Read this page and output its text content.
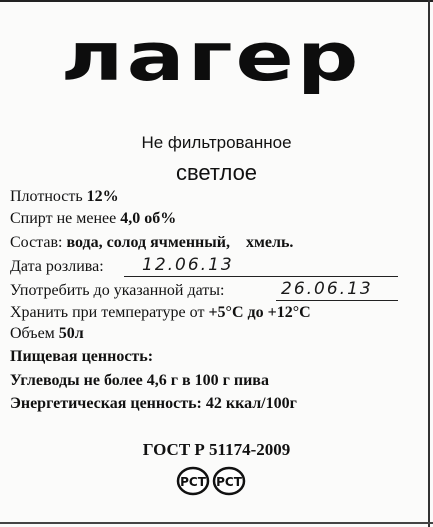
лагер
Не фильтрованное
светлое
Плотность 12%
Спирт не менее 4,0 об%
Состав: вода, солод ячменный,    хмель.
Дата розлива: 12.06.13
Употребить до указанной даты:	26.06.13
Хранить при температуре от +5°С до +12°С
Объем 50л
Пищевая ценность:
Углеводы не более 4,6 г в 100 г пива
Энергетическая ценность: 42 ккал/100г
ГОСТ Р 51174-2009
РСТ РСТ
